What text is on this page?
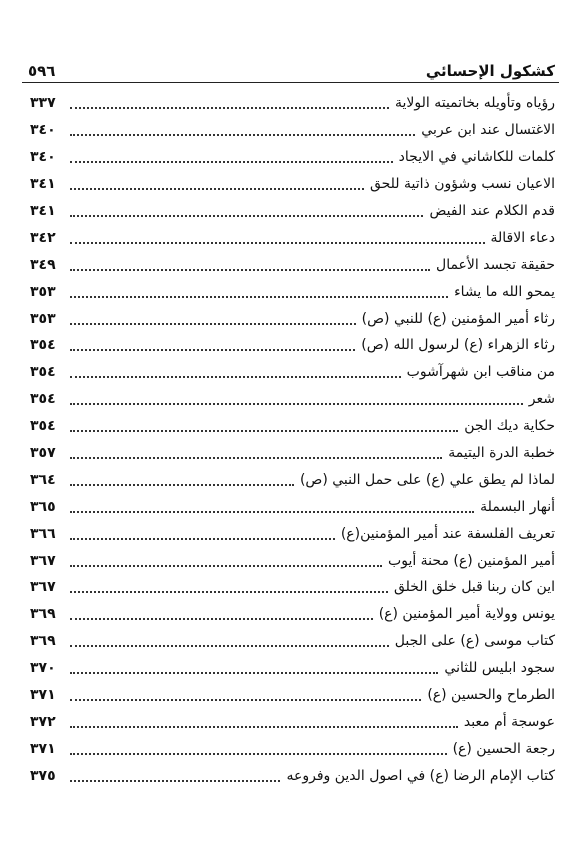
٥٩٦	كشكول الإحسائي
رؤياه وتأويله بخاتميته الولاية
٣٣٧
الاغتسال عند ابن عربي
٣٤٠
كلمات للكاشاني في الايجاد
٣٤٠
الاعيان نسب وشؤون ذاتية للحق
٣٤١
قدم الكلام عند الفيض
٣٤١
دعاء الاقالة
٣٤٢
حقيقة تجسد الأعمال
٣٤٩
يمحو الله ما يشاء
٣٥٣
رثاء أمير المؤمنين (ع) للنبي (ص)
٣٥٣
رثاء الزهراء (ع) لرسول الله (ص)
٣٥٤
من مناقب ابن شهرآشوب
٣٥٤
شعر
٣٥٤
حكاية ديك الجن
٣٥٤
خطبة الدرة اليتيمة
٣٥٧
لماذا لم يطق علي (ع) على حمل النبي (ص)
٣٦٤
أنهار البسملة
٣٦٥
تعريف الفلسفة عند أمير المؤمنين(ع)
٣٦٦
أمير المؤمنين (ع) محنة أيوب
٣٦٧
اين كان ربنا قبل خلق الخلق
٣٦٧
يونس وولاية أمير المؤمنين (ع)
٣٦٩
كتاب موسى (ع) على الجبل
٣٦٩
سجود ابليس للثاني
٣٧٠
الطرماح والحسين (ع)
٣٧١
عوسجة أم معبد
٣٧٢
رجعة الحسين (ع)
٣٧١
كتاب الإمام الرضا (ع) في اصول الدين وفروعه
٣٧٥
